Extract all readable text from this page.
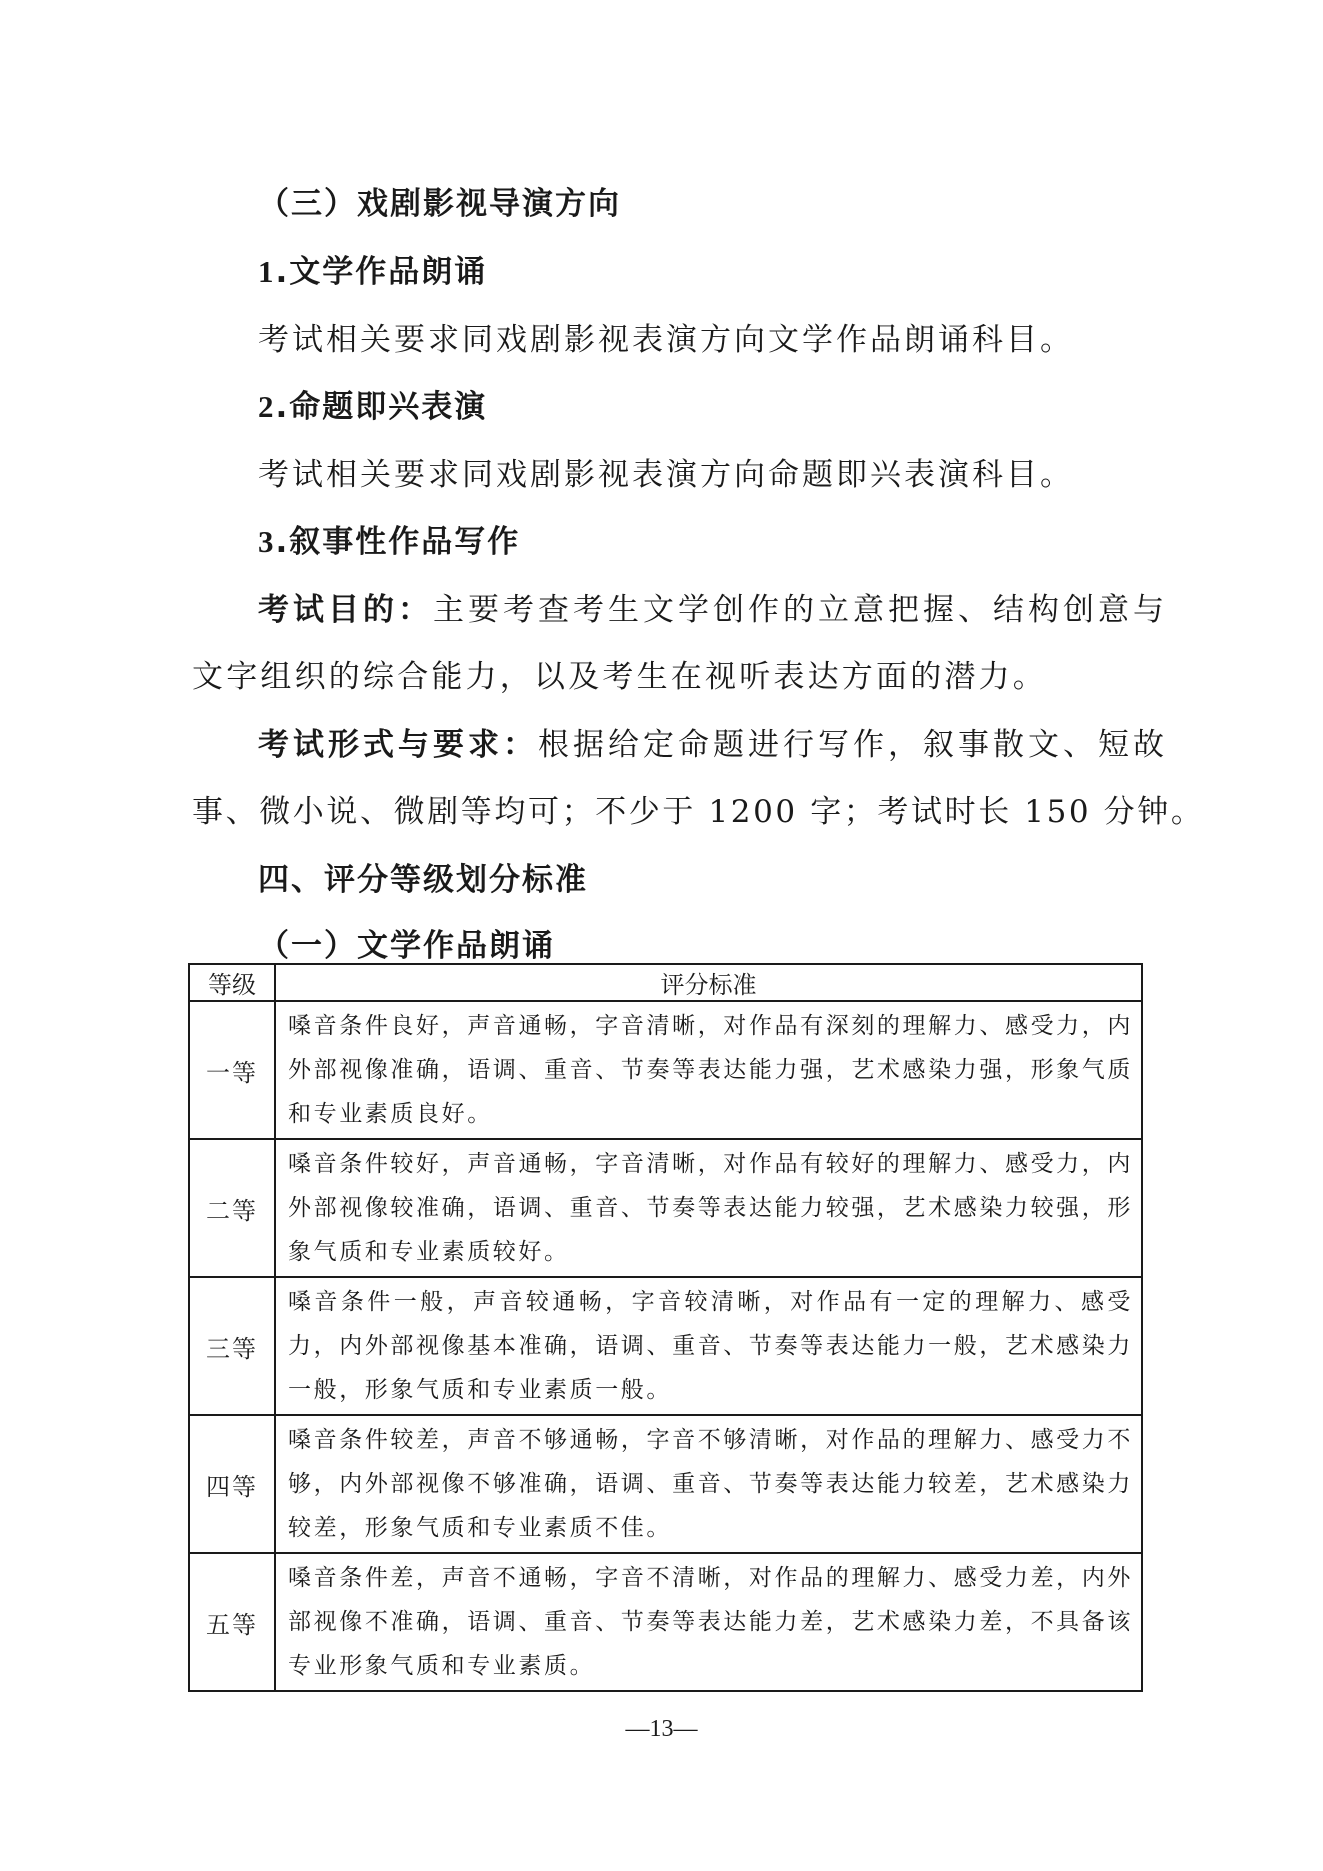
（三）戏剧影视导演方向
1.文学作品朗诵
考试相关要求同戏剧影视表演方向文学作品朗诵科目。
2.命题即兴表演
考试相关要求同戏剧影视表演方向命题即兴表演科目。
3.叙事性作品写作
考试目的：主要考查考生文学创作的立意把握、结构创意与
文字组织的综合能力，以及考生在视听表达方面的潜力。
考试形式与要求：根据给定命题进行写作，叙事散文、短故
事、微小说、微剧等均可；不少于 1200 字；考试时长 150 分钟。
四、评分等级划分标准
（一）文学作品朗诵
等级	评分标准
一等	嗓音条件良好，声音通畅，字音清晰，对作品有深刻的理解力、感受力，内外部视像准确，语调、重音、节奏等表达能力强，艺术感染力强，形象气质和专业素质良好。
二等	嗓音条件较好，声音通畅，字音清晰，对作品有较好的理解力、感受力，内外部视像较准确，语调、重音、节奏等表达能力较强，艺术感染力较强，形象气质和专业素质较好。
三等	嗓音条件一般，声音较通畅，字音较清晰，对作品有一定的理解力、感受力，内外部视像基本准确，语调、重音、节奏等表达能力一般，艺术感染力一般，形象气质和专业素质一般。
四等	嗓音条件较差，声音不够通畅，字音不够清晰，对作品的理解力、感受力不够，内外部视像不够准确，语调、重音、节奏等表达能力较差，艺术感染力较差，形象气质和专业素质不佳。
五等	嗓音条件差，声音不通畅，字音不清晰，对作品的理解力、感受力差，内外部视像不准确，语调、重音、节奏等表达能力差，艺术感染力差，不具备该专业形象气质和专业素质。
—13—
